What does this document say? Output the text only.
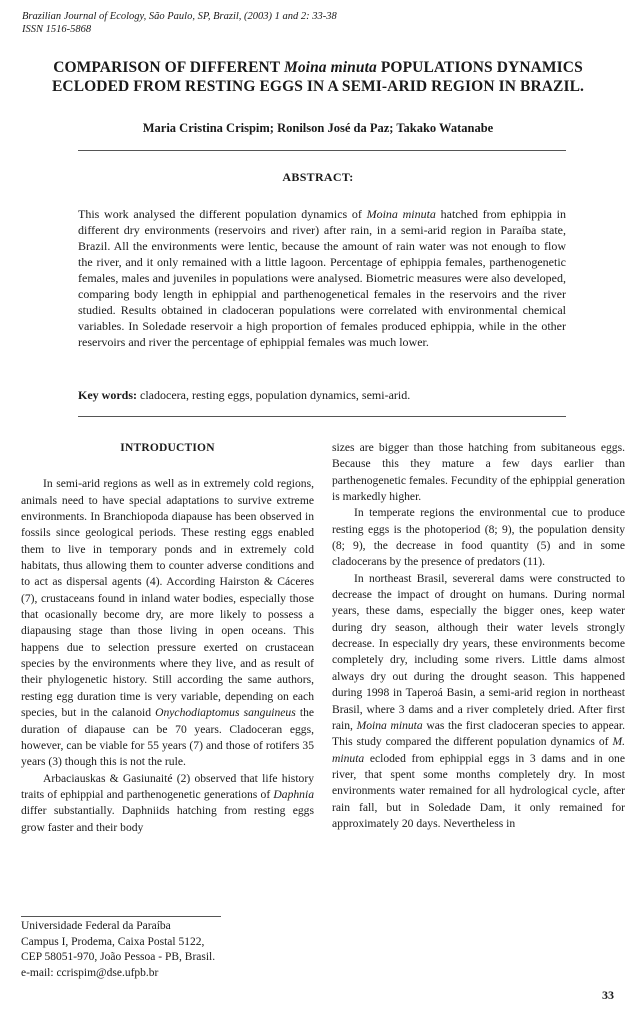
Brazilian Journal of Ecology, São Paulo, SP, Brazil, (2003) 1 and 2: 33-38
ISSN 1516-5868
COMPARISON OF DIFFERENT Moina minuta POPULATIONS DYNAMICS ECLODED FROM RESTING EGGS IN A SEMI-ARID REGION IN BRAZIL.
Maria Cristina Crispim; Ronilson José da Paz; Takako Watanabe
ABSTRACT:
This work analysed the different population dynamics of Moina minuta hatched from ephippia in different dry environments (reservoirs and river) after rain, in a semi-arid region in Paraíba state, Brazil. All the environments were lentic, because the amount of rain water was not enough to flow the river, and it only remained with a little lagoon. Percentage of ephippia females, parthenogenetic females, males and juveniles in populations were analysed. Biometric measures were also developed, comparing body length in ephippial and parthenogenetical females in the reservoirs and the river studied. Results obtained in cladoceran populations were correlated with environmental chemical variables. In Soledade reservoir a high proportion of females produced ephippia, while in the other reservoirs and river the percentage of ephippial females was much lower.
Key words: cladocera, resting eggs, population dynamics, semi-arid.

INTRODUCTION

In semi-arid regions as well as in extremely cold regions, animals need to have special adaptations to survive extreme environments. In Branchiopoda diapause has been observed in fossils since geological periods. These resting eggs enabled them to live in temporary ponds and in extremely cold habitats, thus allowing them to counter adverse conditions and to act as dispersal agents (4). According Hairston & Cáceres (7), crustaceans found in inland water bodies, especially those that ocasionally become dry, are more likely to possess a diapausing stage than those living in open oceans. This happens due to selection pressure exerted on crustacean species by the environments where they live, and as result of their phylogenetic history. Still according the same authors, resting egg duration time is very variable, depending on each species, but in the calanoid Onychodiaptomus sanguineus the duration of diapause can be 70 years. Cladoceran eggs, however, can be viable for 55 years (7) and those of rotifers 35 years (3) though this is not the rule.

Arbaciauskas & Gasiunaité (2) observed that life history traits of ephippial and parthenogenetic generations of Daphnia differ substantially. Daphniids hatching from resting eggs grow faster and their body

sizes are bigger than those hatching from subitaneous eggs. Because this they mature a few days earlier than parthenogenetic females. Fecundity of the ephippial generation is markedly higher.

In temperate regions the environmental cue to produce resting eggs is the photoperiod (8; 9), the population density (8; 9), the decrease in food quantity (5) and in some cladocerans by the presence of predators (11).

In northeast Brasil, severeral dams were constructed to decrease the impact of drought on humans. During normal years, these dams, especially the bigger ones, keep water during dry season, although their water levels strongly decrease. In especially dry years, these environments become completely dry, including some rivers. Little dams almost always dry out during the drought season. This happened during 1998 in Taperoá Basin, a semi-arid region in northeast Brasil, where 3 dams and a river completely dried. After first rain, Moina minuta was the first cladoceran species to appear. This study compared the different population dynamics of M. minuta ecloded from ephippial eggs in 3 dams and in one river, that spent some months completely dry. In most environments water remained for all hydrological cycle, after rain fall, but in Soledade Dam, it only remained for approximately 20 days. Nevertheless in

Universidade Federal da Paraíba
Campus I, Prodema, Caixa Postal 5122,
CEP 58051-970, João Pessoa - PB, Brasil.
e-mail: ccrispim@dse.ufpb.br
33
